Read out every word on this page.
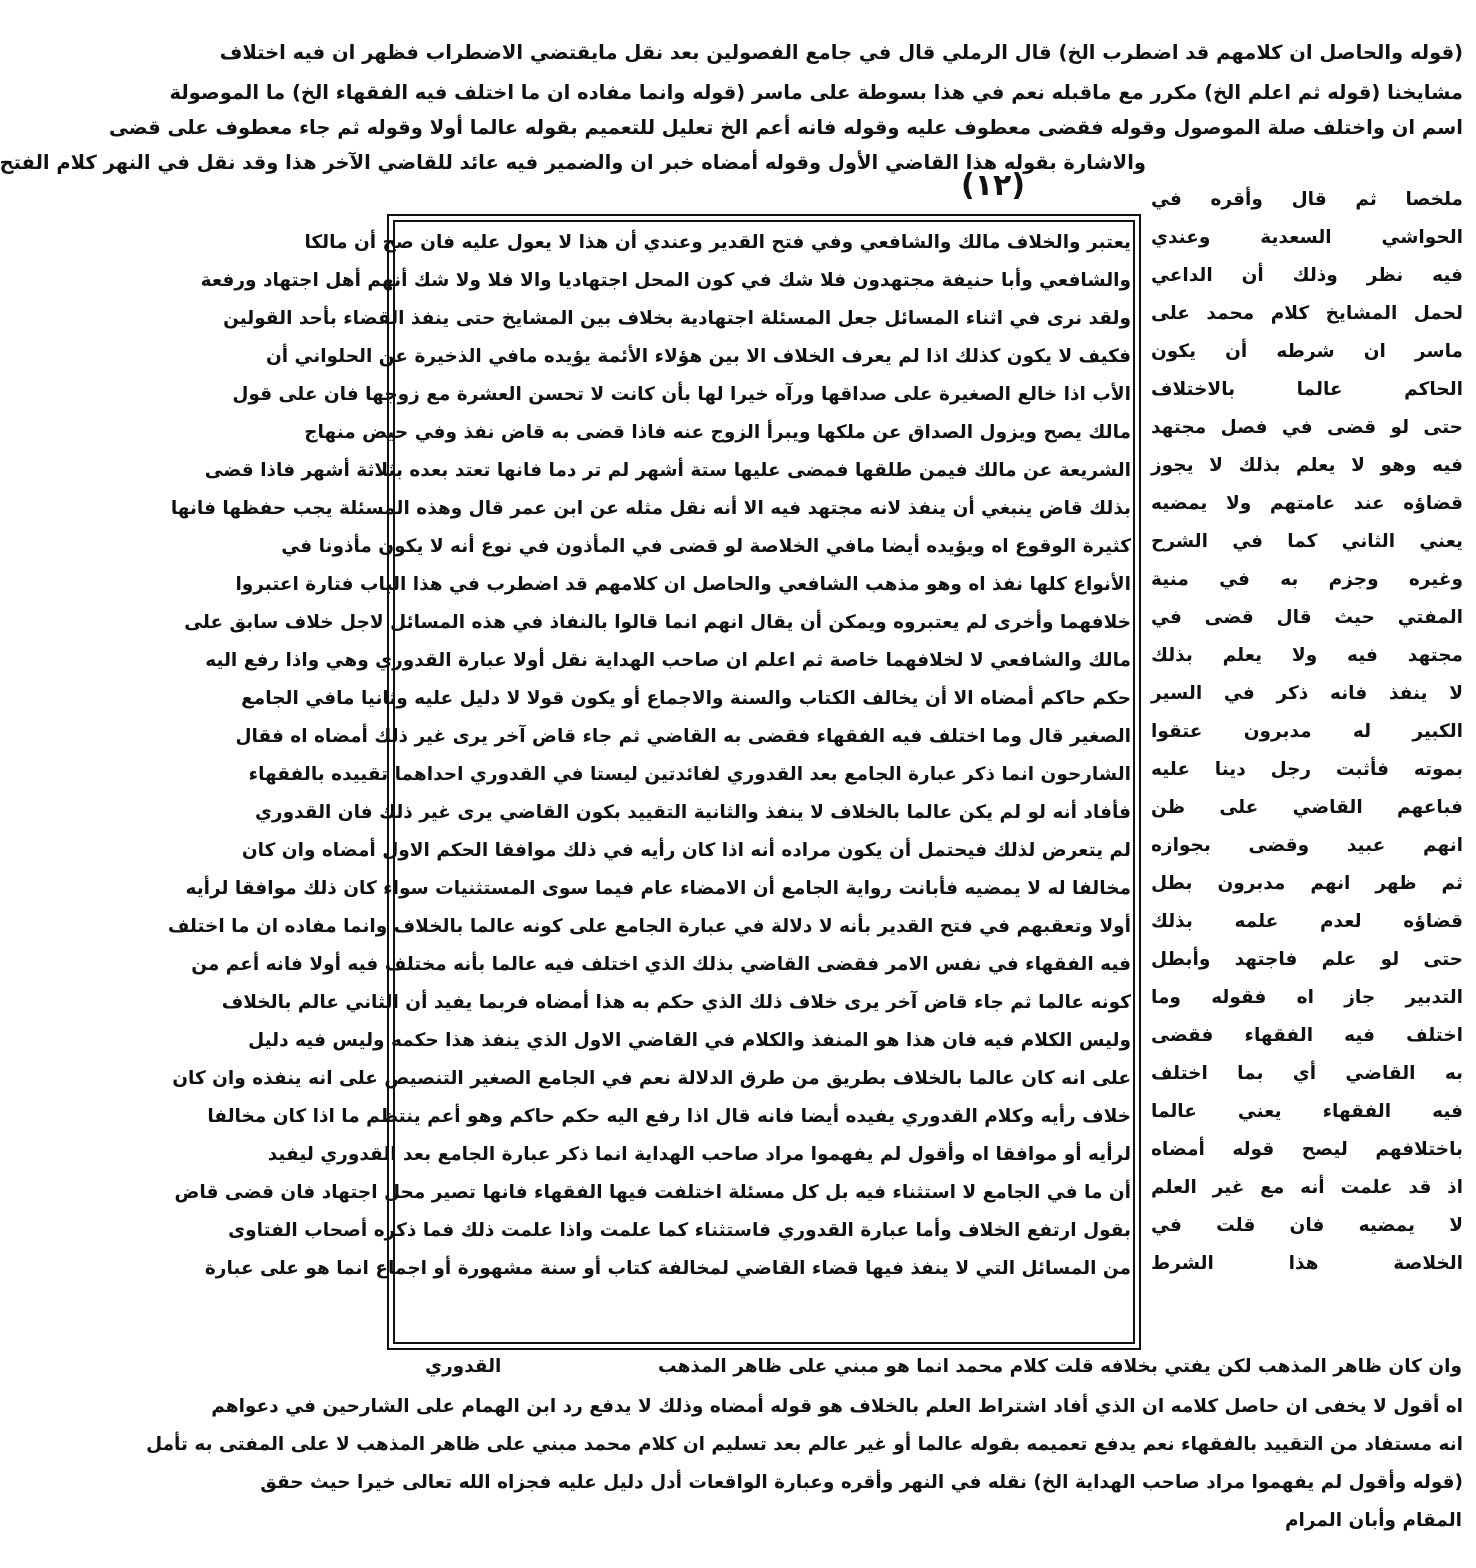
(١٢)
(قوله والحاصل ان كلامهم قد اضطرب الخ) قال الرملي قال في جامع الفصولين بعد نقل مايقتضي الاضطراب فظهر ان فيه اختلاف
مشايخنا (قوله ثم اعلم الخ) مكرر مع ماقبله نعم في هذا بسوطة على ماسر (قوله وانما مفاده ان ما اختلف فيه الفقهاء الخ) ما الموصولة
اسم ان واختلف صلة الموصول وقوله فقضى معطوف عليه وقوله فانه أعم الخ تعليل للتعميم بقوله عالما أولا وقوله ثم جاء معطوف على قضى
والاشارة بقوله هذا القاضي الأول وقوله أمضاه خبر ان والضمير فيه عائد للقاضي الآخر هذا وقد نقل في النهر كلام الفتح
يعتبر والخلاف مالك والشافعي وفي فتح القدير وعندي أن هذا لا يعول عليه فان صح أن مالكا
والشافعي وأبا حنيفة مجتهدون فلا شك في كون المحل اجتهاديا والا فلا ولا شك أنهم أهل اجتهاد ورفعة
ولقد نرى في اثناء المسائل جعل المسئلة اجتهادية بخلاف بين المشايخ حتى ينفذ القضاء بأحد القولين
فكيف لا يكون كذلك اذا لم يعرف الخلاف الا بين هؤلاء الأئمة يؤيده مافي الذخيرة عن الحلواني أن
الأب اذا خالع الصغيرة على صداقها ورآه خيرا لها بأن كانت لا تحسن العشرة مع زوجها فان على قول
مالك يصح ويزول الصداق عن ملكها ويبرأ الزوج عنه فاذا قضى به قاض نفذ وفي حيض منهاج
الشريعة عن مالك فيمن طلقها فمضى عليها ستة أشهر لم تر دما فانها تعتد بعده بثلاثة أشهر فاذا قضى
بذلك قاض ينبغي أن ينفذ لانه مجتهد فيه الا أنه نقل مثله عن ابن عمر قال وهذه المسئلة يجب حفظها فانها
كثيرة الوقوع اه ويؤيده أيضا مافي الخلاصة لو قضى في المأذون في نوع أنه لا يكون مأذونا في
الأنواع كلها نفذ اه وهو مذهب الشافعي والحاصل ان كلامهم قد اضطرب في هذا الباب فتارة اعتبروا
خلافهما وأخرى لم يعتبروه ويمكن أن يقال انهم انما قالوا بالنفاذ في هذه المسائل لاجل خلاف سابق على
مالك والشافعي لا لخلافهما خاصة ثم اعلم ان صاحب الهداية نقل أولا عبارة القدوري وهي واذا رفع اليه
حكم حاكم أمضاه الا أن يخالف الكتاب والسنة والاجماع أو يكون قولا لا دليل عليه وثانيا مافي الجامع
الصغير قال وما اختلف فيه الفقهاء فقضى به القاضي ثم جاء قاض آخر يرى غير ذلك أمضاه اه فقال
الشارحون انما ذكر عبارة الجامع بعد القدوري لفائدتين ليستا في القدوري احداهما تقييده بالفقهاء
فأفاد أنه لو لم يكن عالما بالخلاف لا ينفذ والثانية التقييد بكون القاضي يرى غير ذلك فان القدوري
لم يتعرض لذلك فيحتمل أن يكون مراده أنه اذا كان رأيه في ذلك موافقا الحكم الاول أمضاه وان كان
مخالفا له لا يمضيه فأبانت رواية الجامع أن الامضاء عام فيما سوى المستثنيات سواء كان ذلك موافقا لرأيه
أولا وتعقبهم في فتح القدير بأنه لا دلالة في عبارة الجامع على كونه عالما بالخلاف وانما مفاده ان ما اختلف
فيه الفقهاء في نفس الامر فقضى القاضي بذلك الذي اختلف فيه عالما بأنه مختلف فيه أولا فانه أعم من
كونه عالما ثم جاء قاض آخر يرى خلاف ذلك الذي حكم به هذا أمضاه فربما يفيد أن الثاني عالم بالخلاف
وليس الكلام فيه فان هذا هو المنفذ والكلام في القاضي الاول الذي ينفذ هذا حكمه وليس فيه دليل
على انه كان عالما بالخلاف بطريق من طرق الدلالة نعم في الجامع الصغير التنصيص على انه ينفذه وان كان
خلاف رأيه وكلام القدوري يفيده أيضا فانه قال اذا رفع اليه حكم حاكم وهو أعم ينتظم ما اذا كان مخالفا
لرأيه أو موافقا اه وأقول لم يفهموا مراد صاحب الهداية انما ذكر عبارة الجامع بعد القدوري ليفيد
أن ما في الجامع لا استثناء فيه بل كل مسئلة اختلفت فيها الفقهاء فانها تصير محل اجتهاد فان قضى قاض
بقول ارتفع الخلاف وأما عبارة القدوري فاستثناء كما علمت واذا علمت ذلك فما ذكره أصحاب الفتاوى
من المسائل التي لا ينفذ فيها قضاء القاضي لمخالفة كتاب أو سنة مشهورة أو اجماع انما هو على عبارة
ملخصا ثم قال وأقره في
الحواشي السعدية وعندي
فيه نظر وذلك أن الداعي
لحمل المشايخ كلام محمد على
ماسر ان شرطه أن يكون
الحاكم عالما بالاختلاف
حتى لو قضى في فصل مجتهد
فيه وهو لا يعلم بذلك لا يجوز
قضاؤه عند عامتهم ولا يمضيه
يعني الثاني كما في الشرح
وغيره وجزم به في منية
المفتي حيث قال قضى في
مجتهد فيه ولا يعلم بذلك
لا ينفذ فانه ذكر في السير
الكبير له مدبرون عتقوا
بموته فأثبت رجل دينا عليه
فباعهم القاضي على ظن
انهم عبيد وقضى بجوازه
ثم ظهر انهم مدبرون بطل
قضاؤه لعدم علمه بذلك
حتى لو علم فاجتهد وأبطل
التدبير جاز اه فقوله وما
اختلف فيه الفقهاء فقضى
به القاضي أي بما اختلف
فيه الفقهاء يعني عالما
باختلافهم ليصح قوله أمضاه
اذ قد علمت أنه مع غير العلم
لا يمضيه فان قلت في
الخلاصة هذا الشرط
وان كان ظاهر المذهب لكن يفتي بخلافه قلت كلام محمد انما هو مبني على ظاهر المذهب
القدوري
اه أقول لا يخفى ان حاصل كلامه ان الذي أفاد اشتراط العلم بالخلاف هو قوله أمضاه وذلك لا يدفع رد ابن الهمام على الشارحين في دعواهم
انه مستفاد من التقييد بالفقهاء نعم يدفع تعميمه بقوله عالما أو غير عالم بعد تسليم ان كلام محمد مبني على ظاهر المذهب لا على المفتى به تأمل
(قوله وأقول لم يفهموا مراد صاحب الهداية الخ) نقله في النهر وأقره وعبارة الواقعات أدل دليل عليه فجزاه الله تعالى خيرا حيث حقق
المقام وأبان المرام
